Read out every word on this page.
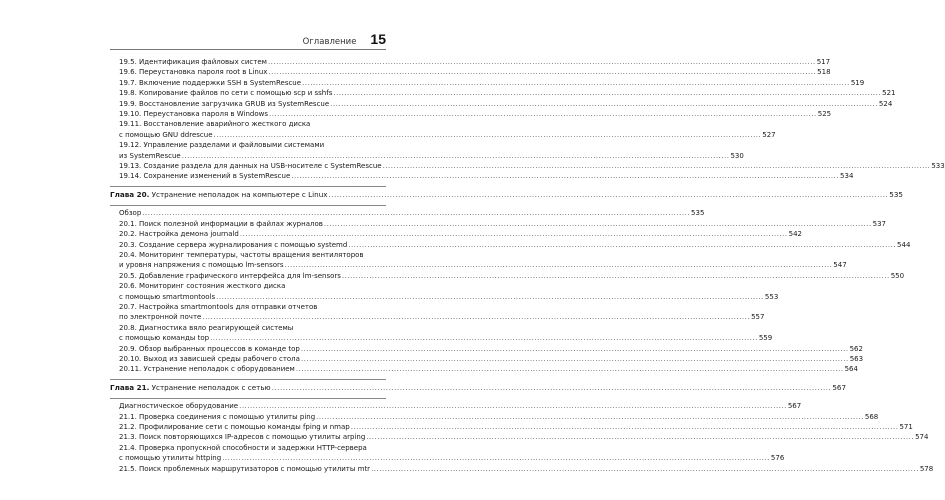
Оглавление 15
19.5. Идентификация файловых систем .....	517
19.6. Переустановка пароля root в Linux .....	518
19.7. Включение поддержки SSH в SystemRescue .....	519
19.8. Копирование файлов по сети с помощью scp и sshfs .....	521
19.9. Восстановление загрузчика GRUB из SystemRescue .....	524
19.10. Переустановка пароля в Windows .....	525
19.11. Восстановление аварийного жесткого диска
с помощью GNU ddrescue .....	527
19.12. Управление разделами и файловыми системами
из SystemRescue .....	530
19.13. Создание раздела для данных на USB-носителе с SystemRescue .....	533
19.14. Сохранение изменений в SystemRescue .....	534
Глава 20. Устранение неполадок на компьютере с Linux .....	535
Обзор .....	535
20.1. Поиск полезной информации в файлах журналов .....	537
20.2. Настройка демона journald .....	542
20.3. Создание сервера журналирования с помощью systemd .....	544
20.4. Мониторинг температуры, частоты вращения вентиляторов
и уровня напряжения с помощью lm-sensors .....	547
20.5. Добавление графического интерфейса для lm-sensors .....	550
20.6. Мониторинг состояния жесткого диска
с помощью smartmontools .....	553
20.7. Настройка smartmontools для отправки отчетов
по электронной почте .....	557
20.8. Диагностика вяло реагирующей системы
с помощью команды top .....	559
20.9. Обзор выбранных процессов в команде top .....	562
20.10. Выход из зависшей среды рабочего стола .....	563
20.11. Устранение неполадок с оборудованием .....	564
Глава 21. Устранение неполадок с сетью .....	567
Диагностическое оборудование .....	567
21.1. Проверка соединения с помощью утилиты ping .....	568
21.2. Профилирование сети с помощью команды fping и nmap .....	571
21.3. Поиск повторяющихся IP-адресов с помощью утилиты arping .....	574
21.4. Проверка пропускной способности и задержки HTTP-сервера
с помощью утилиты httping .....	576
21.5. Поиск проблемных маршрутизаторов с помощью утилиты mtr .....	578
